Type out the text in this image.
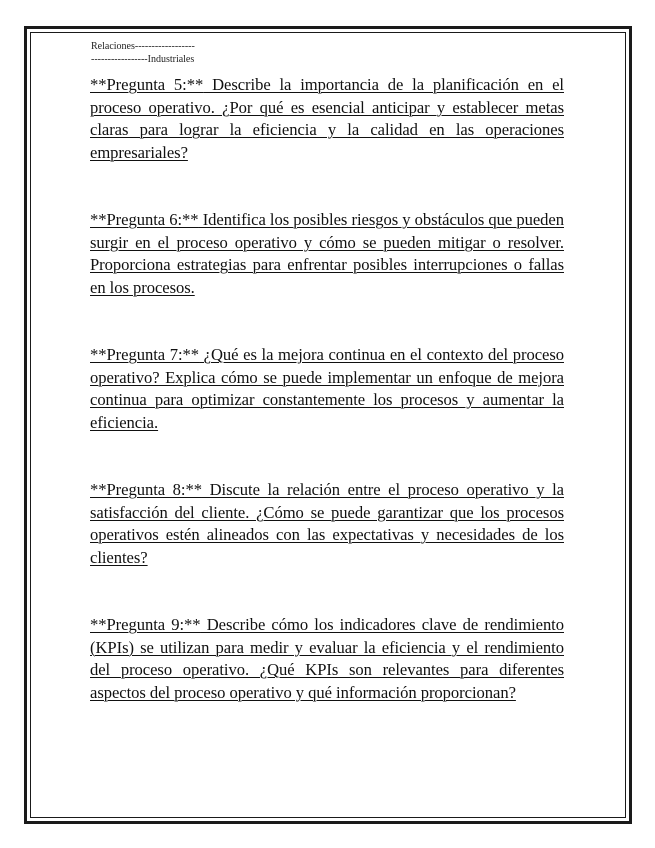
Relaciones------------------
-----------------Industriales

**Pregunta 5:** Describe la importancia de la planificación en el proceso operativo. ¿Por qué es esencial anticipar y establecer metas claras para lograr la eficiencia y la calidad en las operaciones empresariales?

**Pregunta 6:** Identifica los posibles riesgos y obstáculos que pueden surgir en el proceso operativo y cómo se pueden mitigar o resolver. Proporciona estrategias para enfrentar posibles interrupciones o fallas en los procesos.

**Pregunta 7:** ¿Qué es la mejora continua en el contexto del proceso operativo? Explica cómo se puede implementar un enfoque de mejora continua para optimizar constantemente los procesos y aumentar la eficiencia.

**Pregunta 8:** Discute la relación entre el proceso operativo y la satisfacción del cliente. ¿Cómo se puede garantizar que los procesos operativos estén alineados con las expectativas y necesidades de los clientes?

**Pregunta 9:** Describe cómo los indicadores clave de rendimiento (KPIs) se utilizan para medir y evaluar la eficiencia y el rendimiento del proceso operativo. ¿Qué KPIs son relevantes para diferentes aspectos del proceso operativo y qué información proporcionan?
